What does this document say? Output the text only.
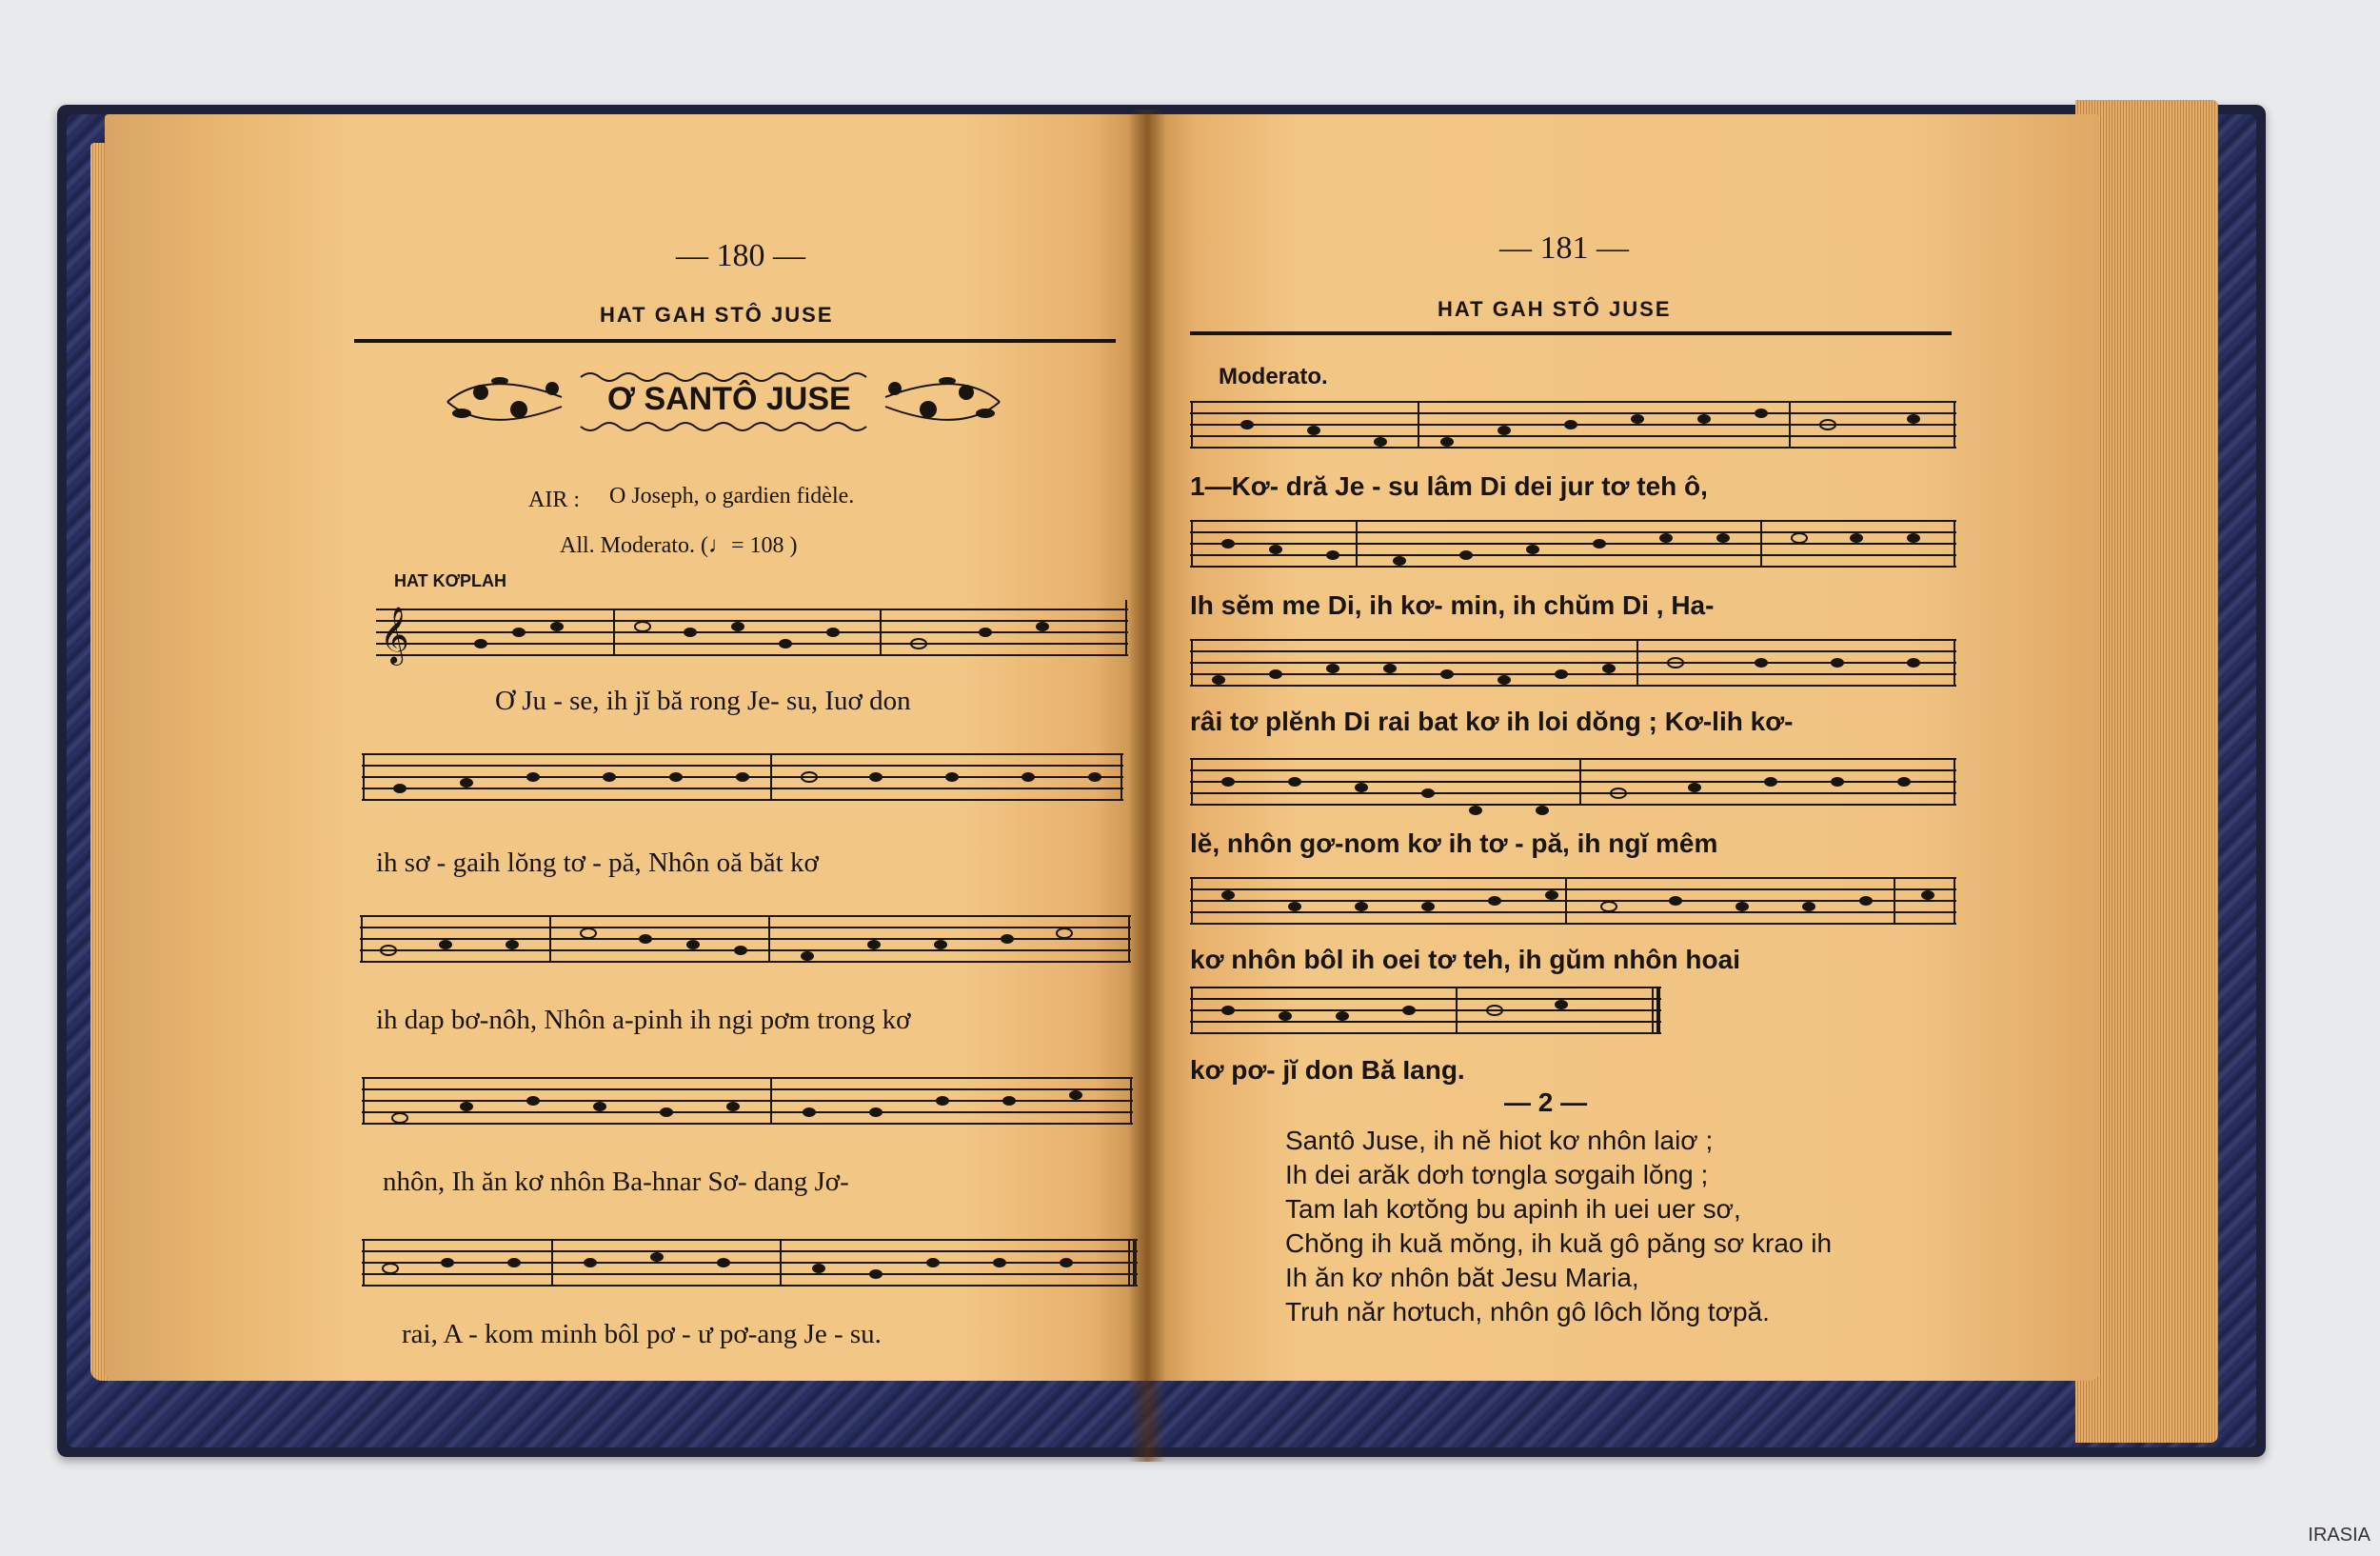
— 180 —
HAT GAH STÔ JUSE
Ơ SANTÔ JUSE
AIR : O Joseph, o gardien fidèle.
All. Moderato. (♩= 108 )
HAT KƠPLAH
𝄞
Ơ Ju - se, ih jĭ bă rong Je- su, Iuơ don
ih sơ - gaih lŏng tơ - pă, Nhôn oă băt kơ
ih dap bơ-nôh, Nhôn a-pinh ih ngi pơm trong kơ
nhôn, Ih ăn kơ nhôn Ba-hnar Sơ- dang Jơ-
rai, A - kom minh bôl pơ - ư pơ-ang Je - su.
— 181 —
HAT GAH STÔ JUSE
Moderato.
1—Kơ- dră Je - su lâm Di dei jur tơ teh ô,
Ih sĕm me Di, ih kơ- min, ih chŭm Di , Ha-
râi tơ plĕnh Di rai bat kơ ih loi dŏng ; Kơ-lih kơ-
lĕ, nhôn gơ-nom kơ ih tơ - pă, ih ngĭ mêm
kơ nhôn bôl ih oei tơ teh, ih gŭm nhôn hoai
kơ pơ- jĭ don Bă Iang.
— 2 —
Santô Juse, ih nĕ hiot kơ nhôn laiơ ;
Ih dei arăk dơh tơngla sơgaih lŏng ;
Tam lah kơtŏng bu apinh ih uei uer sơ,
Chŏng ih kuă mŏng, ih kuă gô păng sơ krao ih
Ih ăn kơ nhôn băt Jesu Maria,
Truh năr hơtuch, nhôn gô lôch lŏng tơpă.
IRASIA
